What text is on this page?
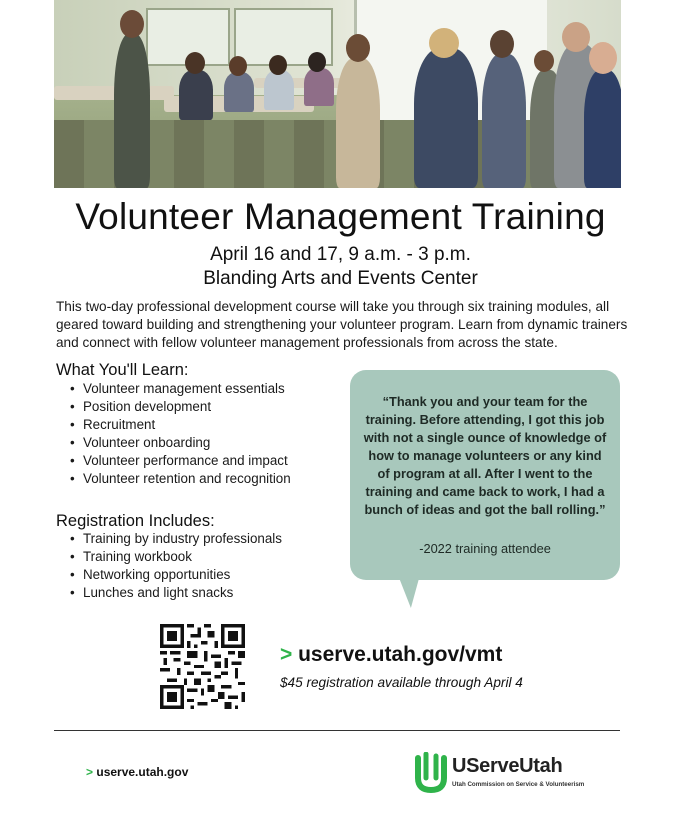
Volunteer Management Training
April 16 and 17, 9 a.m. - 3 p.m.
Blanding Arts and Events Center
This two-day professional development course will take you through six training modules, all geared toward building and strengthening your volunteer program. Learn from dynamic trainers and connect with fellow volunteer management professionals from across the state.
What You'll Learn:
• Volunteer management essentials
• Position development
• Recruitment
• Volunteer onboarding
• Volunteer performance and impact
• Volunteer retention and recognition
Registration Includes:
• Training by industry professionals
• Training workbook
• Networking opportunities
• Lunches and light snacks
“Thank you and your team for the training. Before attending, I got this job with not a single ounce of knowledge of how to manage volunteers or any kind of program at all. After I went to the training and came back to work, I had a bunch of ideas and got the ball rolling.”
-2022 training attendee
> userve.utah.gov/vmt
$45 registration available through April 4
> userve.utah.gov	UServeUtah
Utah Commission on Service & Volunteerism
